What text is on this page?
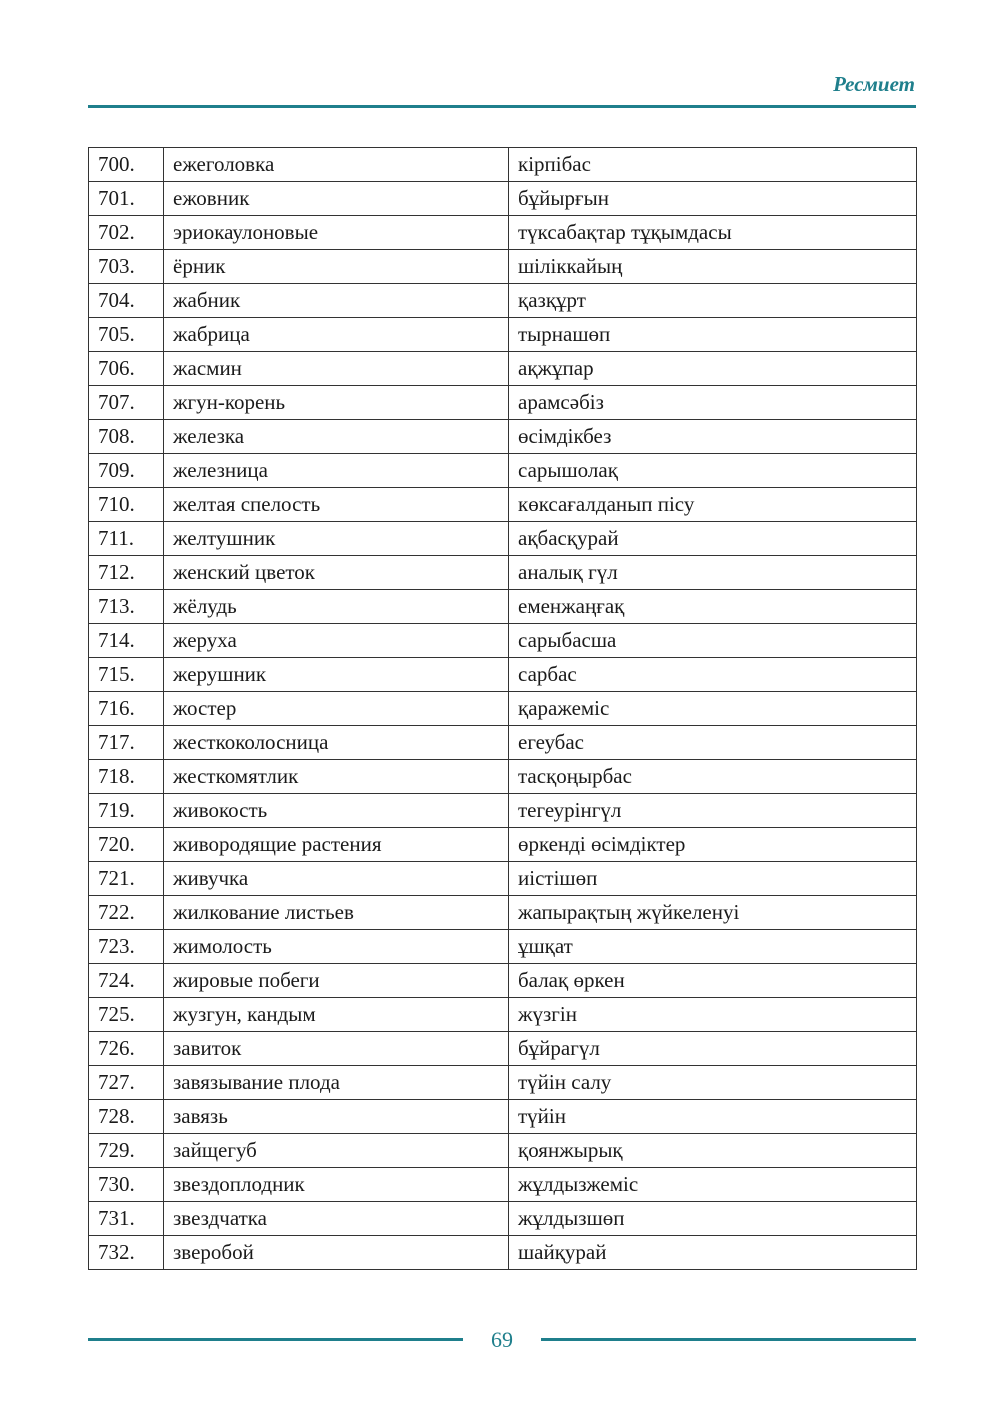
Ресмиет
700.	ежеголовка	кірпібас
701.	ежовник	бұйырғын
702.	эриокаулоновые	түксабақтар тұқымдасы
703.	ёрник	шіліккайың
704.	жабник	қазқұрт
705.	жабрица	тырнашөп
706.	жасмин	ақжұпар
707.	жгун-корень	арамсәбіз
708.	железка	өсімдікбез
709.	железница	сарышолақ
710.	желтая спелость	көксағалданып пісу
711.	желтушник	ақбасқурай
712.	женский цветок	аналық гүл
713.	жёлудь	еменжаңғақ
714.	жеруха	сарыбасша
715.	жерушник	сарбас
716.	жостер	қаражеміс
717.	жесткоколосница	егеубас
718.	жесткомятлик	тасқоңырбас
719.	живокость	тегеурінгүл
720.	живородящие растения	өркенді өсімдіктер
721.	живучка	иістішөп
722.	жилкование листьев	жапырақтың жүйкеленуі
723.	жимолость	ұшқат
724.	жировые побеги	балақ өркен
725.	жузгун, кандым	жүзгін
726.	завиток	бұйрагүл
727.	завязывание плода	түйін салу
728.	завязь	түйін
729.	зайщегуб	қоянжырық
730.	звездоплодник	жұлдызжеміс
731.	звездчатка	жұлдызшөп
732.	зверобой	шайқурай
69
